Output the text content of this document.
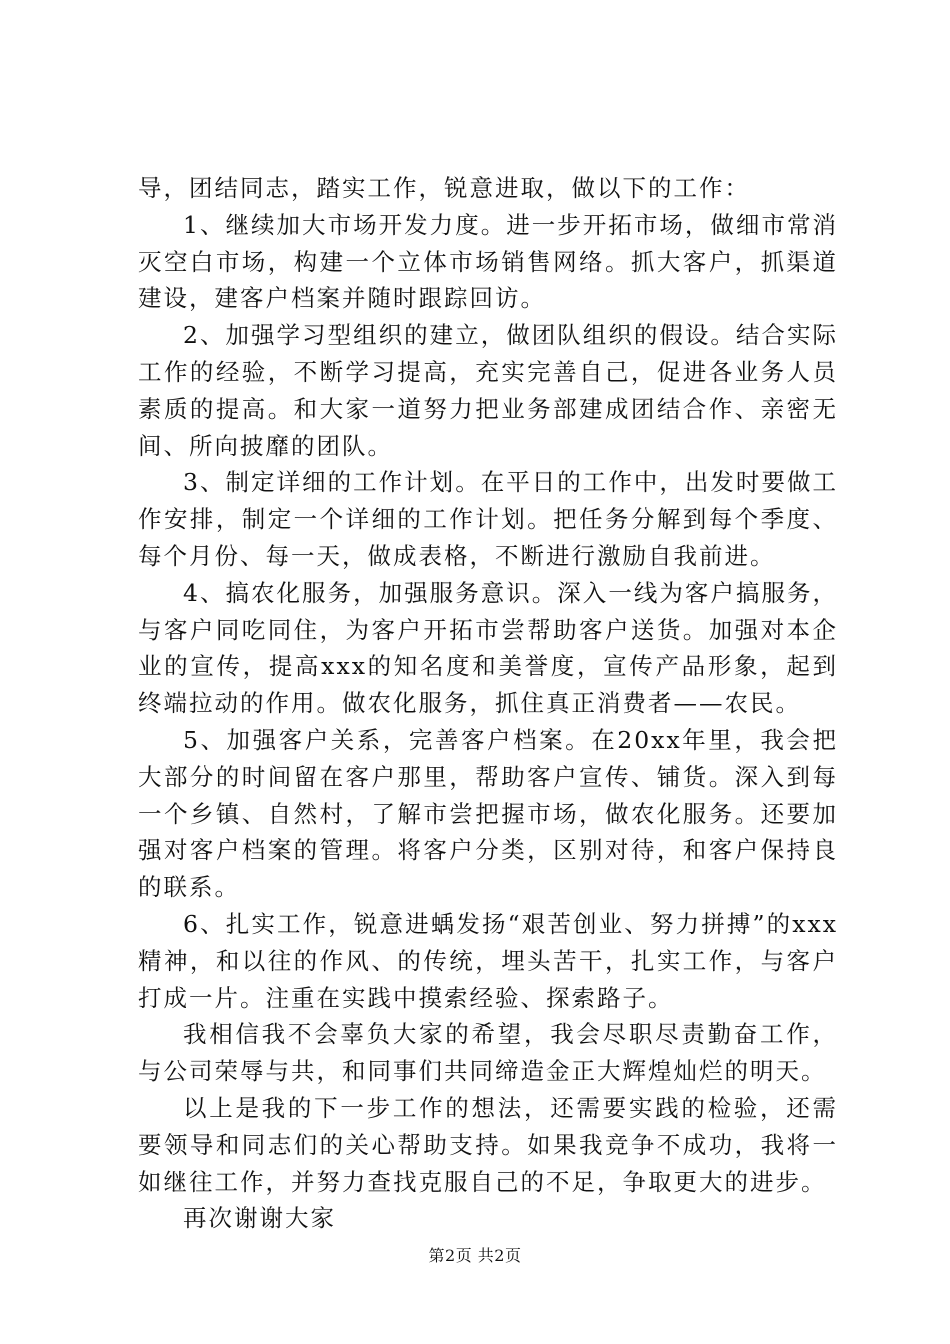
导，团结同志，踏实工作，锐意进取，做以下的工作：

1、继续加大市场开发力度。进一步开拓市场，做细市常消灭空白市场，构建一个立体市场销售网络。抓大客户，抓渠道建设，建客户档案并随时跟踪回访。

2、加强学习型组织的建立，做团队组织的假设。结合实际工作的经验，不断学习提高，充实完善自己，促进各业务人员素质的提高。和大家一道努力把业务部建成团结合作、亲密无间、所向披靡的团队。

3、制定详细的工作计划。在平日的工作中，出发时要做工作安排，制定一个详细的工作计划。把任务分解到每个季度、每个月份、每一天，做成表格，不断进行激励自我前进。

4、搞农化服务，加强服务意识。深入一线为客户搞服务，与客户同吃同住，为客户开拓市尝帮助客户送货。加强对本企业的宣传，提高xxx的知名度和美誉度，宣传产品形象，起到终端拉动的作用。做农化服务，抓住真正消费者——农民。

5、加强客户关系，完善客户档案。在20xx年里，我会把大部分的时间留在客户那里，帮助客户宣传、铺货。深入到每一个乡镇、自然村，了解市尝把握市场，做农化服务。还要加强对客户档案的管理。将客户分类，区别对待，和客户保持良的联系。

6、扎实工作，锐意进蝺发扬“艰苦创业、努力拼搏”的xxx精神，和以往的作风、的传统，埋头苦干，扎实工作，与客户打成一片。注重在实践中摸索经验、探索路子。

我相信我不会辜负大家的希望，我会尽职尽责勤奋工作，与公司荣辱与共，和同事们共同缔造金正大辉煌灿烂的明天。

以上是我的下一步工作的想法，还需要实践的检验，还需要领导和同志们的关心帮助支持。如果我竞争不成功，我将一如继往工作，并努力查找克服自己的不足，争取更大的进步。

再次谢谢大家

第2页 共2页
